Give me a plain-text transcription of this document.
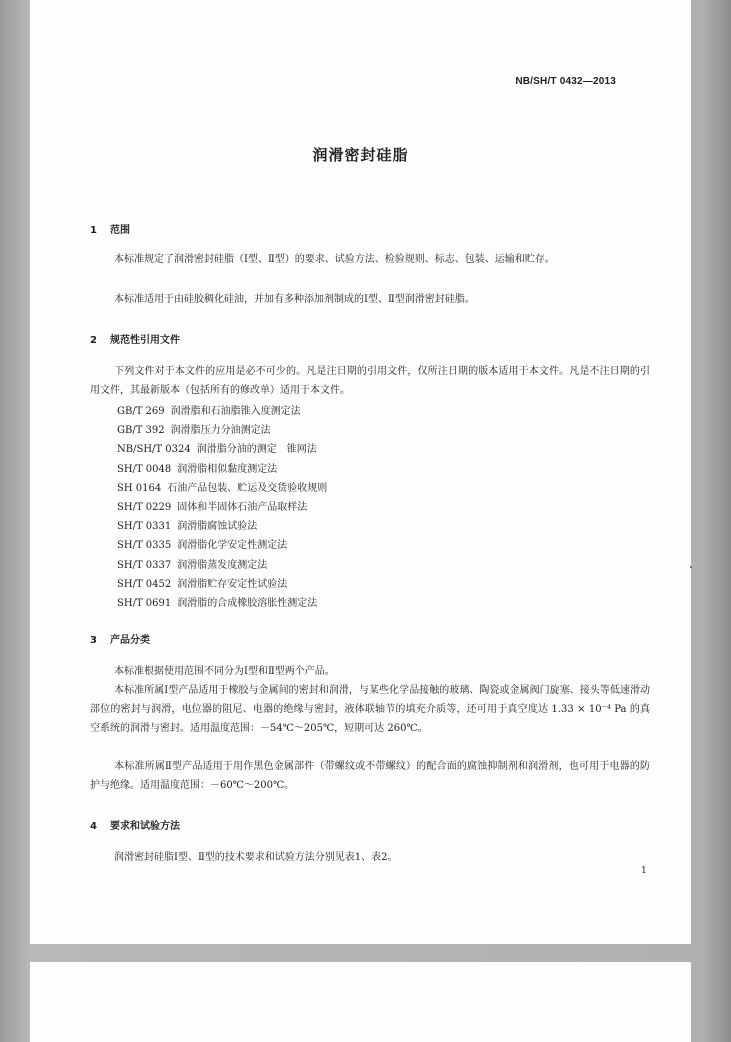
NB/SH/T 0432—2013
润滑密封硅脂
1 范围
本标准规定了润滑密封硅脂（Ⅰ型、Ⅱ型）的要求、试验方法、检验规则、标志、包装、运输和贮存。
本标准适用于由硅胶稠化硅油，并加有多种添加剂制成的Ⅰ型、Ⅱ型润滑密封硅脂。
2 规范性引用文件
下列文件对于本文件的应用是必不可少的。凡是注日期的引用文件，仅所注日期的版本适用于本文件。凡是不注日期的引用文件，其最新版本（包括所有的修改单）适用于本文件。
GB/T 269 润滑脂和石油脂锥入度测定法
GB/T 392 润滑脂压力分油测定法
NB/SH/T 0324 润滑脂分油的测定　锥网法
SH/T 0048 润滑脂相似黏度测定法
SH 0164 石油产品包装、贮运及交货验收规则
SH/T 0229 固体和半固体石油产品取样法
SH/T 0331 润滑脂腐蚀试验法
SH/T 0335 润滑脂化学安定性测定法
SH/T 0337 润滑脂蒸发度测定法
SH/T 0452 润滑脂贮存安定性试验法
SH/T 0691 润滑脂的合成橡胶溶胀性测定法
3 产品分类
本标准根据使用范围不同分为Ⅰ型和Ⅱ型两个产品。
本标准所属Ⅰ型产品适用于橡胶与金属间的密封和润滑，与某些化学品接触的玻璃、陶瓷或金属阀门旋塞、接头等低速滑动部位的密封与润滑，电位器的阻尼、电器的绝缘与密封，液体联轴节的填充介质等，还可用于真空度达 1.33 × 10⁻⁴ Pa 的真空系统的润滑与密封。适用温度范围：－54℃～205℃，短期可达 260℃。
本标准所属Ⅱ型产品适用于用作黑色金属部件（带螺纹或不带螺纹）的配合面的腐蚀抑制剂和润滑剂，也可用于电器的防护与绝缘。适用温度范围：－60℃～200℃。
4 要求和试验方法
润滑密封硅脂Ⅰ型、Ⅱ型的技术要求和试验方法分别见表1、表2。
1
